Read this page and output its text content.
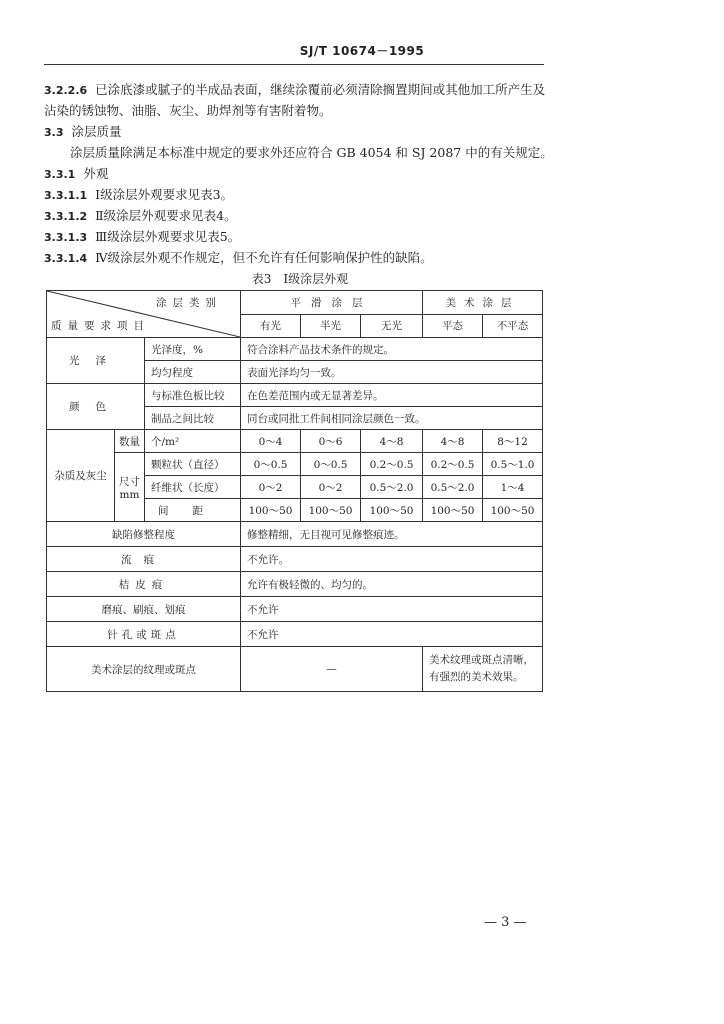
SJ/T 10674－1995
3.2.2.6 已涂底漆或腻子的半成品表面，继续涂覆前必须清除搁置期间或其他加工所产生及
沾染的锈蚀物、油脂、灰尘、助焊剂等有害附着物。
3.3 涂层质量
涂层质量除满足本标准中规定的要求外还应符合 GB 4054 和 SJ 2087 中的有关规定。
3.3.1 外观
3.3.1.1 Ⅰ级涂层外观要求见表3。
3.3.1.2 Ⅱ级涂层外观要求见表4。
3.3.1.3 Ⅲ级涂层外观要求见表5。
3.3.1.4 Ⅳ级涂层外观不作规定，但不允许有任何影响保护性的缺陷。
表3　Ⅰ级涂层外观
涂层类别
质量要求项目			平滑涂层			美术涂层	
			有光	半光	无光	平态	不平态
光泽		光泽度，%	符合涂料产品技术条件的规定。				
		均匀程度	表面光泽均匀一致。				
颜色		与标准色板比较	在色差范围内或无显著差异。				
		制品之间比较	同台或同批工件间相同涂层颜色一致。				
杂质及灰尘	数量	个/m²	0～4	0～6	4～8	4～8	8～12

	尺寸
mm	颗粒状（直径）	0～0.5	0～0.5	0.2～0.5	0.2～0.5	0.5～1.0
		纤维状（长度）	0～2	0～2	0.5～2.0	0.5～2.0	1～4
		间距	100～50	100～50	100～50	100～50	100～50
缺陷修整程度			修整精细，无目视可见修整痕迹。				
流痕			不允许。				
桔皮痕			允许有极轻微的、均匀的。				
磨痕、刷痕、划痕			不允许				
针孔或斑点			不允许				
美术涂层的纹理或斑点			—			美术纹理或斑点清晰，有强烈的美术效果。	
— 3 —
